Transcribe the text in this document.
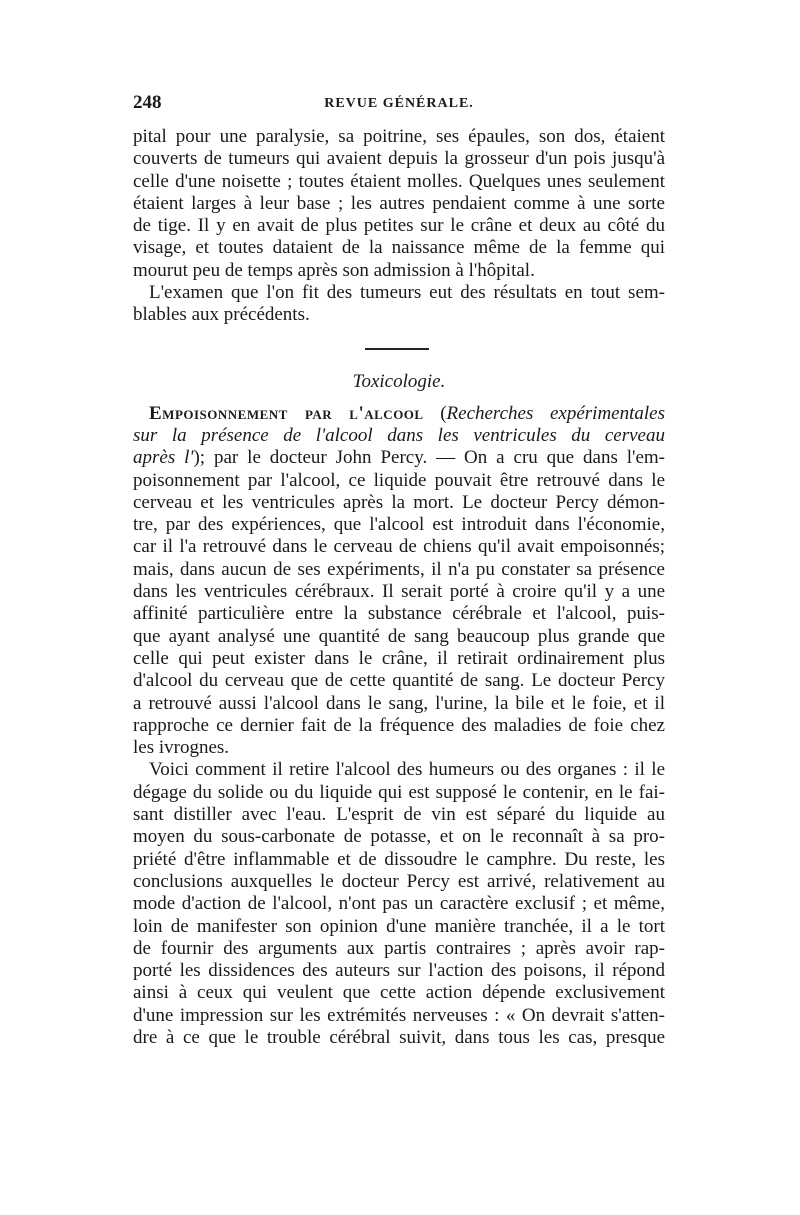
248	REVUE GÉNÉRALE.
pital pour une paralysie, sa poitrine, ses épaules, son dos, étaient
couverts de tumeurs qui avaient depuis la grosseur d'un pois jusqu'à
celle d'une noisette ; toutes étaient molles. Quelques unes seulement
étaient larges à leur base ; les autres pendaient comme à une sorte
de tige. Il y en avait de plus petites sur le crâne et deux au côté du
visage, et toutes dataient de la naissance même de la femme qui
mourut peu de temps après son admission à l'hôpital.
L'examen que l'on fit des tumeurs eut des résultats en tout sem-
blables aux précédents.
Toxicologie.
Empoisonnement par l'alcool (Recherches expérimentales
sur la présence de l'alcool dans les ventricules du cerveau
après l'); par le docteur John Percy. — On a cru que dans l'em-
poisonnement par l'alcool, ce liquide pouvait être retrouvé dans le
cerveau et les ventricules après la mort. Le docteur Percy démon-
tre, par des expériences, que l'alcool est introduit dans l'économie,
car il l'a retrouvé dans le cerveau de chiens qu'il avait empoisonnés;
mais, dans aucun de ses expériments, il n'a pu constater sa présence
dans les ventricules cérébraux. Il serait porté à croire qu'il y a une
affinité particulière entre la substance cérébrale et l'alcool, puis-
que ayant analysé une quantité de sang beaucoup plus grande que
celle qui peut exister dans le crâne, il retirait ordinairement plus
d'alcool du cerveau que de cette quantité de sang. Le docteur Percy
a retrouvé aussi l'alcool dans le sang, l'urine, la bile et le foie, et il
rapproche ce dernier fait de la fréquence des maladies de foie chez
les ivrognes.
Voici comment il retire l'alcool des humeurs ou des organes : il le
dégage du solide ou du liquide qui est supposé le contenir, en le fai-
sant distiller avec l'eau. L'esprit de vin est séparé du liquide au
moyen du sous-carbonate de potasse, et on le reconnaît à sa pro-
priété d'être inflammable et de dissoudre le camphre. Du reste, les
conclusions auxquelles le docteur Percy est arrivé, relativement au
mode d'action de l'alcool, n'ont pas un caractère exclusif ; et même,
loin de manifester son opinion d'une manière tranchée, il a le tort
de fournir des arguments aux partis contraires ; après avoir rap-
porté les dissidences des auteurs sur l'action des poisons, il répond
ainsi à ceux qui veulent que cette action dépende exclusivement
d'une impression sur les extrémités nerveuses : « On devrait s'atten-
dre à ce que le trouble cérébral suivit, dans tous les cas, presque
